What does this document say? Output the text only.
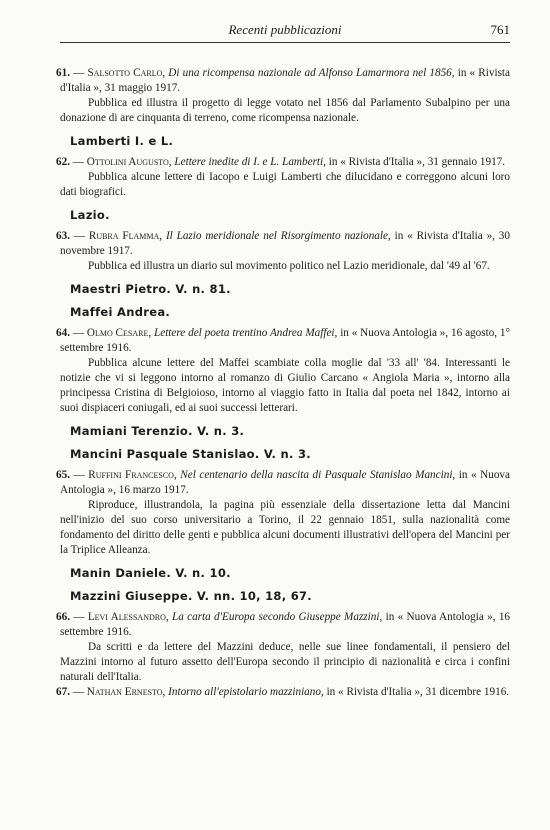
Recenti pubblicazioni	761

61. — Salsotto Carlo, Di una ricompensa nazionale ad Alfonso Lamarmora nel 1856, in « Rivista d'Italia », 31 maggio 1917.

Pubblica ed illustra il progetto di legge votato nel 1856 dal Parlamento Subalpino per una donazione di are cinquanta di terreno, come ricompensa nazionale.

Lamberti I. e L.

62. — Ottolini Augusto, Lettere inedite di I. e L. Lamberti, in « Rivista d'Italia », 31 gennaio 1917.

Pubblica alcune lettere di Iacopo e Luigi Lamberti che dilucidano e correggono alcuni loro dati biografici.

Lazio.

63. — Rubra Flamma, Il Lazio meridionale nel Risorgimento nazionale, in « Rivista d'Italia », 30 novembre 1917.

Pubblica ed illustra un diario sul movimento politico nel Lazio meridionale, dal '49 al '67.

Maestri Pietro. V. n. 81.
Maffei Andrea.

64. — Olmo Cesare, Lettere del poeta trentino Andrea Maffei, in « Nuova Antologia », 16 agosto, 1° settembre 1916.

Pubblica alcune lettere del Maffei scambiate colla moglie dal '33 all' '84. Interessanti le notizie che vi si leggono intorno al romanzo di Giulio Carcano « Angiola Maria », intorno alla principessa Cristina di Belgioioso, intorno al viaggio fatto in Italia dal poeta nel 1842, intorno ai suoi dispiaceri coniugali, ed ai suoi successi letterari.

Mamiani Terenzio. V. n. 3.
Mancini Pasquale Stanislao. V. n. 3.

65. — Ruffini Francesco, Nel centenario della nascita di Pasquale Stanislao Mancini, in « Nuova Antologia », 16 marzo 1917.

Riproduce, illustrandola, la pagina più essenziale della dissertazione letta dal Mancini nell'inizio del suo corso universitario a Torino, il 22 gennaio 1851, sulla nazionalità come fondamento del diritto delle genti e pubblica alcuni documenti illustrativi dell'opera del Mancini per la Triplice Alleanza.

Manin Daniele. V. n. 10.
Mazzini Giuseppe. V. nn. 10, 18, 67.

66. — Levi Alessandro, La carta d'Europa secondo Giuseppe Mazzini, in « Nuova Antologia », 16 settembre 1916.

Da scritti e da lettere del Mazzini deduce, nelle sue linee fondamentali, il pensiero del Mazzini intorno al futuro assetto dell'Europa secondo il principio di nazionalità e circa i confini naturali dell'Italia.

67. — Nathan Ernesto, Intorno all'epistolario mazziniano, in « Rivista d'Italia », 31 dicembre 1916.
